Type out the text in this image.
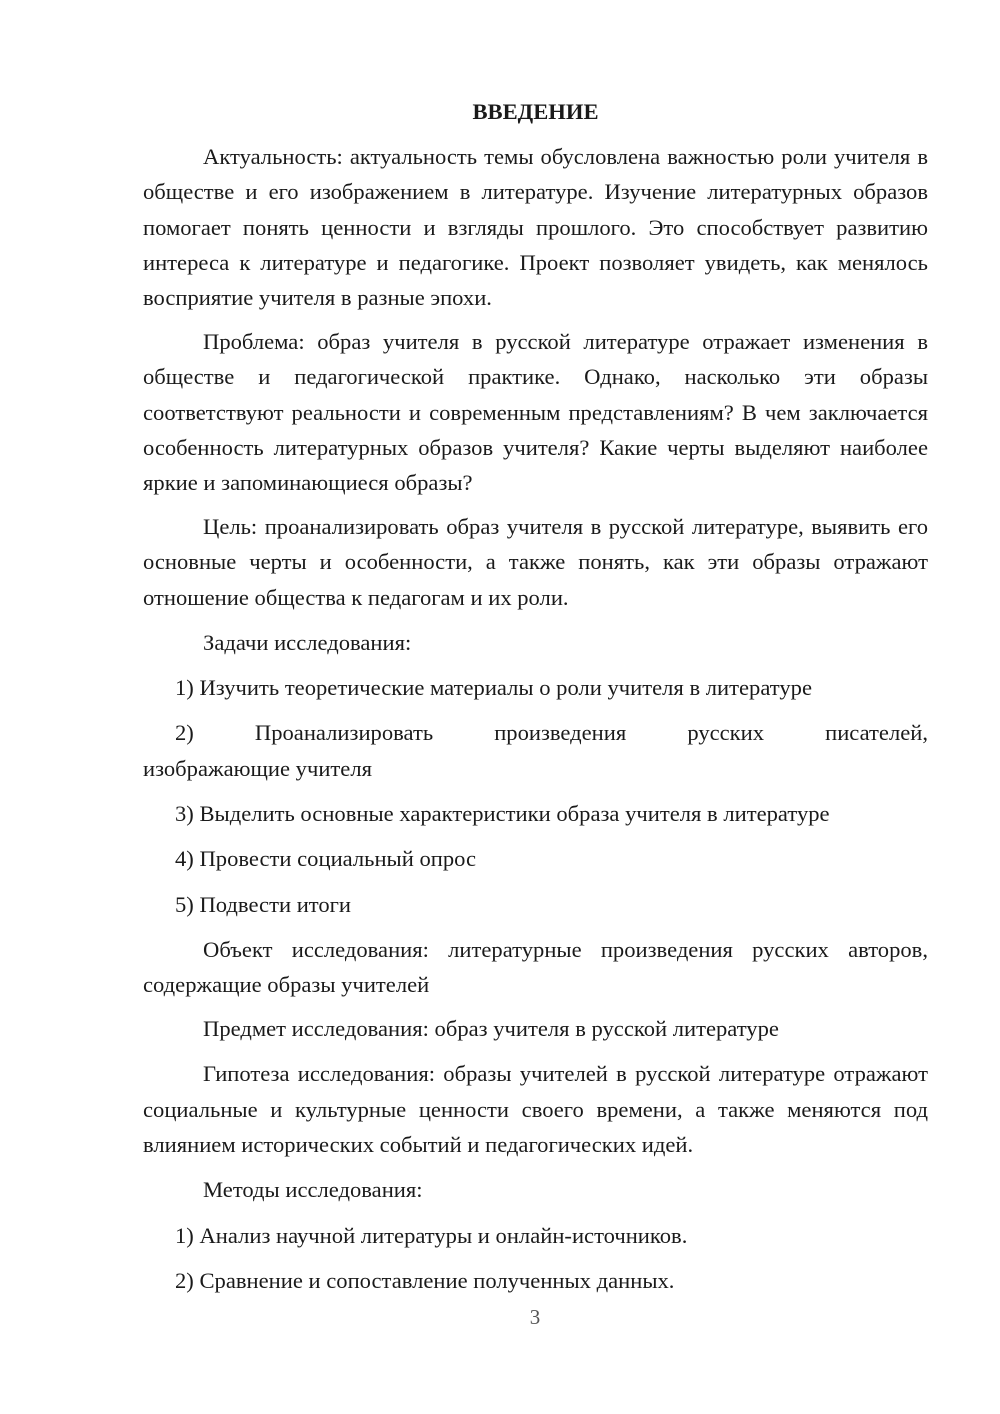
ВВЕДЕНИЕ

Актуальность: актуальность темы обусловлена важностью роли учителя в обществе и его изображением в литературе. Изучение литературных образов помогает понять ценности и взгляды прошлого. Это способствует развитию интереса к литературе и педагогике. Проект позволяет увидеть, как менялось восприятие учителя в разные эпохи.

Проблема: образ учителя в русской литературе отражает изменения в обществе и педагогической практике. Однако, насколько эти образы соответствуют реальности и современным представлениям? В чем заключается особенность литературных образов учителя? Какие черты выделяют наиболее яркие и запоминающиеся образы?

Цель: проанализировать образ учителя в русской литературе, выявить его основные черты и особенности, а также понять, как эти образы отражают отношение общества к педагогам и их роли.

Задачи исследования:

1) Изучить теоретические материалы о роли учителя в литературе

2) Проанализировать произведения русских писателей,
изображающие учителя

3) Выделить основные характеристики образа учителя в литературе

4) Провести социальный опрос

5) Подвести итоги

Объект исследования: литературные произведения русских авторов, содержащие образы учителей

Предмет исследования: образ учителя в русской литературе

Гипотеза исследования: образы учителей в русской литературе отражают социальные и культурные ценности своего времени, а также меняются под влиянием исторических событий и педагогических идей.

Методы исследования:

1) Анализ научной литературы и онлайн-источников.

2) Сравнение и сопоставление полученных данных.

3
